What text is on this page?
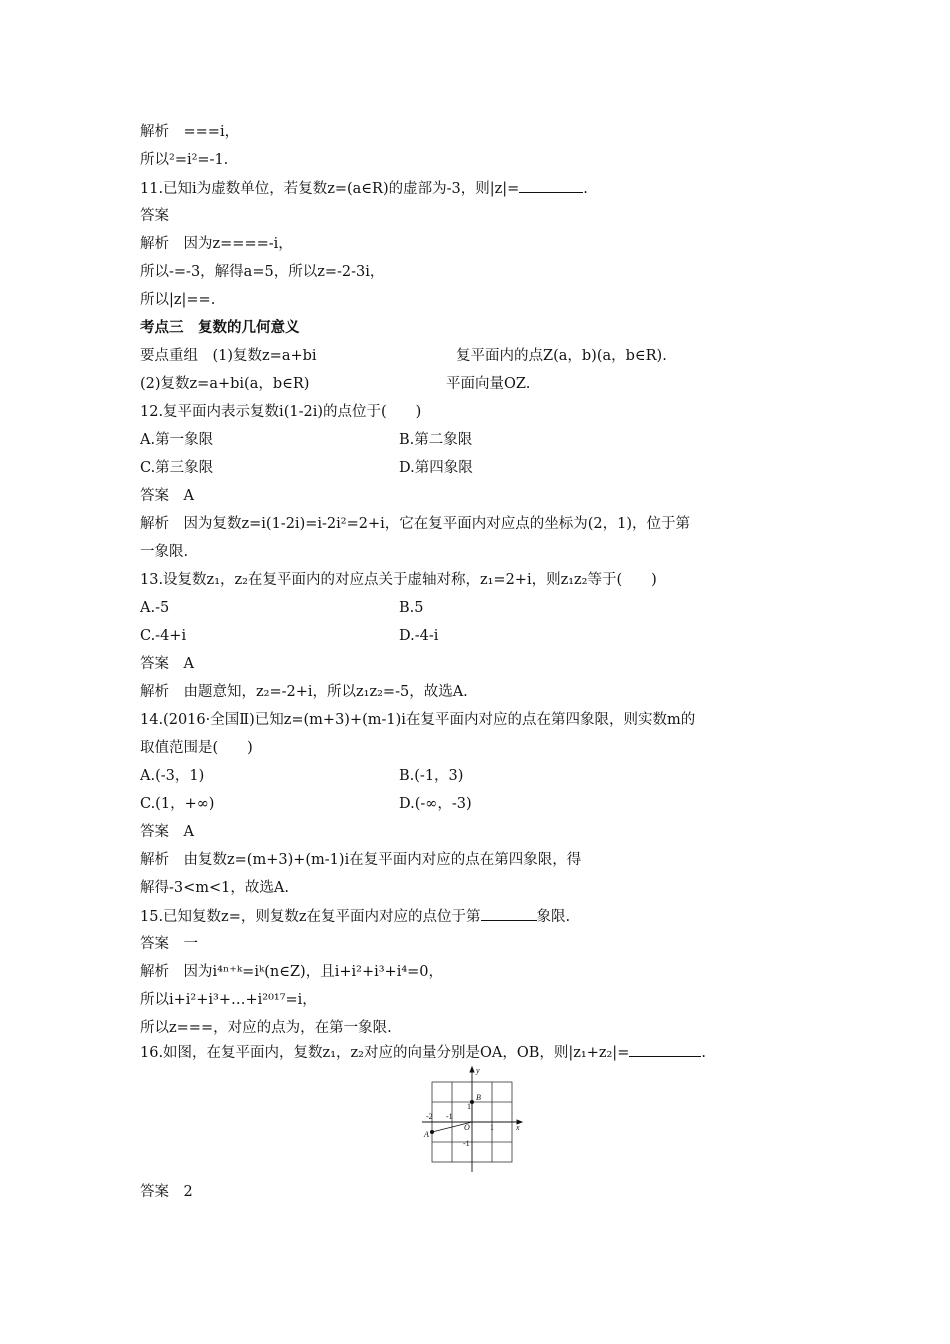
解析　===i，
所以²=i²=-1.
11.已知i为虚数单位，若复数z=(a∈R)的虚部为-3，则|z|=	.
答案
解析　因为z====-i，
所以-=-3，解得a=5，所以z=-2-3i，
所以|z|==.
考点三　复数的几何意义
要点重组　(1)复数z=a+bi	复平面内的点Z(a，b)(a，b∈R).
(2)复数z=a+bi(a，b∈R)	平面向量OZ.
12.复平面内表示复数i(1-2i)的点位于(　　)
A.第一象限	B.第二象限
C.第三象限	D.第四象限
答案　A
解析　因为复数z=i(1-2i)=i-2i²=2+i，它在复平面内对应点的坐标为(2，1)，位于第
一象限.
13.设复数z₁，z₂在复平面内的对应点关于虚轴对称，z₁=2+i，则z₁z₂等于(　　)
A.-5	B.5
C.-4+i	D.-4-i
答案　A
解析　由题意知，z₂=-2+i，所以z₁z₂=-5，故选A.
14.(2016·全国Ⅱ)已知z=(m+3)+(m-1)i在复平面内对应的点在第四象限，则实数m的
取值范围是(　　)
A.(-3，1)	B.(-1，3)
C.(1，+∞)	D.(-∞，-3)
答案　A
解析　由复数z=(m+3)+(m-1)i在复平面内对应的点在第四象限，得
解得-3<m<1，故选A.
15.已知复数z=，则复数z在复平面内对应的点位于第	象限.
答案　一
解析　因为i⁴ⁿ⁺ᵏ=iᵏ(n∈Z)，且i+i²+i³+i⁴=0，
所以i+i²+i³+…+i²⁰¹⁷=i，
所以z===，对应的点为，在第一象限.
16.如图，在复平面内，复数z₁，z₂对应的向量分别是OA，OB，则|z₁+z₂|=	.
x
y
O
A
B
-2 -1
1
1
-1
答案　2
